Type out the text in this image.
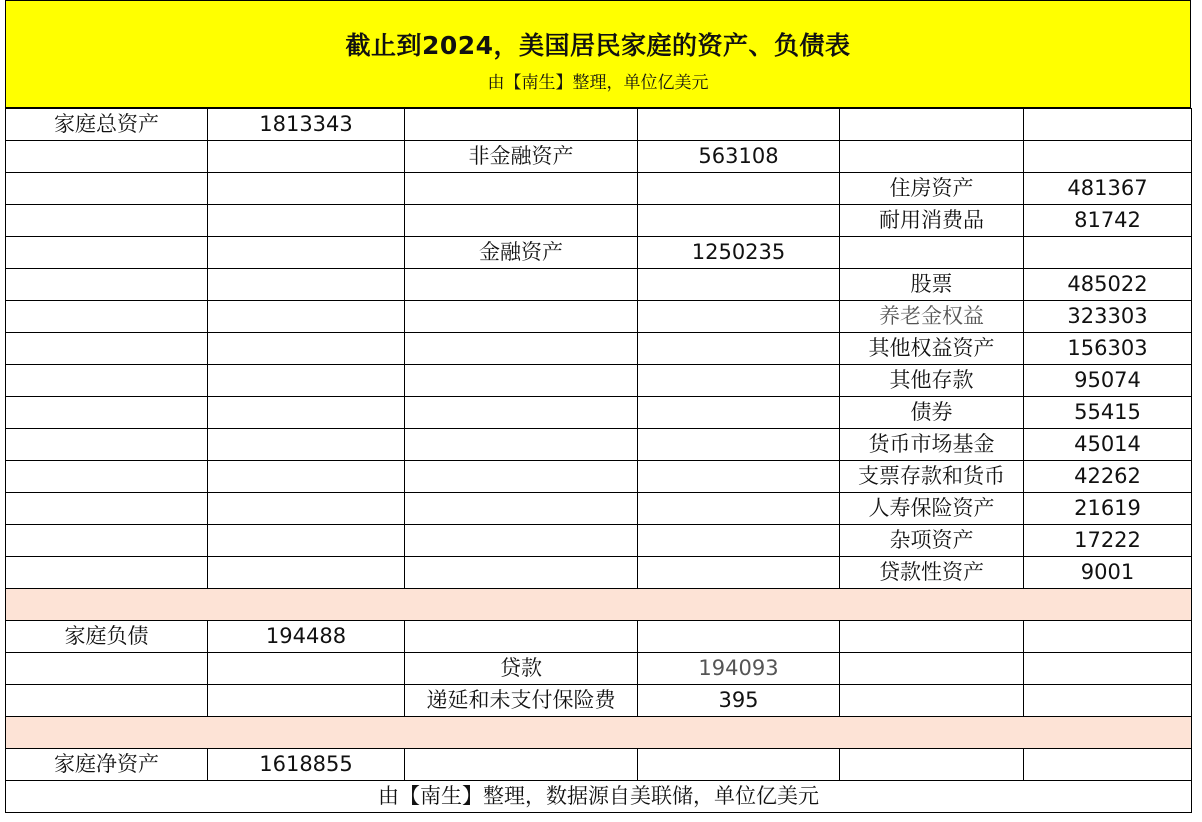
截止到2024，美国居民家庭的资产、负债表
由【南生】整理，单位亿美元
家庭总资产	1813343				
		非金融资产	563108		
				住房资产	481367
				耐用消费品	81742
		金融资产	1250235		
				股票	485022
				养老金权益	323303
				其他权益资产	156303
				其他存款	95074
				债券	55415
				货币市场基金	45014
				支票存款和货币	42262
				人寿保险资产	21619
				杂项资产	17222
				贷款性资产	9001

家庭负债	194488				
		贷款	194093		
		递延和未支付保险费	395		

家庭净资产	1618855				
由【南生】整理，数据源自美联储，单位亿美元					
